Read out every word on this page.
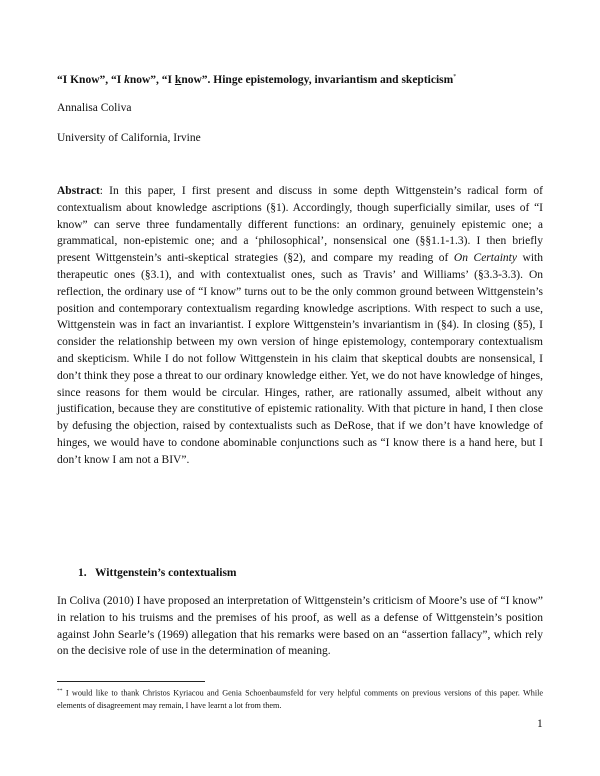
“I Know”, “I know”, “I know”. Hinge epistemology, invariantism and skepticism*
Annalisa Coliva
University of California, Irvine

Abstract: In this paper, I first present and discuss in some depth Wittgenstein’s radical form of contextualism about knowledge ascriptions (§1). Accordingly, though superficially similar, uses of “I know” can serve three fundamentally different functions: an ordinary, genuinely epistemic one; a grammatical, non-epistemic one; and a ‘philosophical’, nonsensical one (§§1.1-1.3). I then briefly present Wittgenstein’s anti-skeptical strategies (§2), and compare my reading of On Certainty with therapeutic ones (§3.1), and with contextualist ones, such as Travis’ and Williams’ (§3.3-3.3). On reflection, the ordinary use of “I know” turns out to be the only common ground between Wittgenstein’s position and contemporary contextualism regarding knowledge ascriptions. With respect to such a use, Wittgenstein was in fact an invariantist. I explore Wittgenstein’s invariantism in (§4). In closing (§5), I consider the relationship between my own version of hinge epistemology, contemporary contextualism and skepticism. While I do not follow Wittgenstein in his claim that skeptical doubts are nonsensical, I don’t think they pose a threat to our ordinary knowledge either. Yet, we do not have knowledge of hinges, since reasons for them would be circular. Hinges, rather, are rationally assumed, albeit without any justification, because they are constitutive of epistemic rationality. With that picture in hand, I then close by defusing the objection, raised by contextualists such as DeRose, that if we don’t have knowledge of hinges, we would have to condone abominable conjunctions such as “I know there is a hand here, but I don’t know I am not a BIV”.

1. Wittgenstein’s contextualism

In Coliva (2010) I have proposed an interpretation of Wittgenstein’s criticism of Moore’s use of “I know” in relation to his truisms and the premises of his proof, as well as a defense of Wittgenstein’s position against John Searle’s (1969) allegation that his remarks were based on an “assertion fallacy”, which rely on the decisive role of use in the determination of meaning.

** I would like to thank Christos Kyriacou and Genia Schoenbaumsfeld for very helpful comments on previous versions of this paper. While elements of disagreement may remain, I have learnt a lot from them.

1
